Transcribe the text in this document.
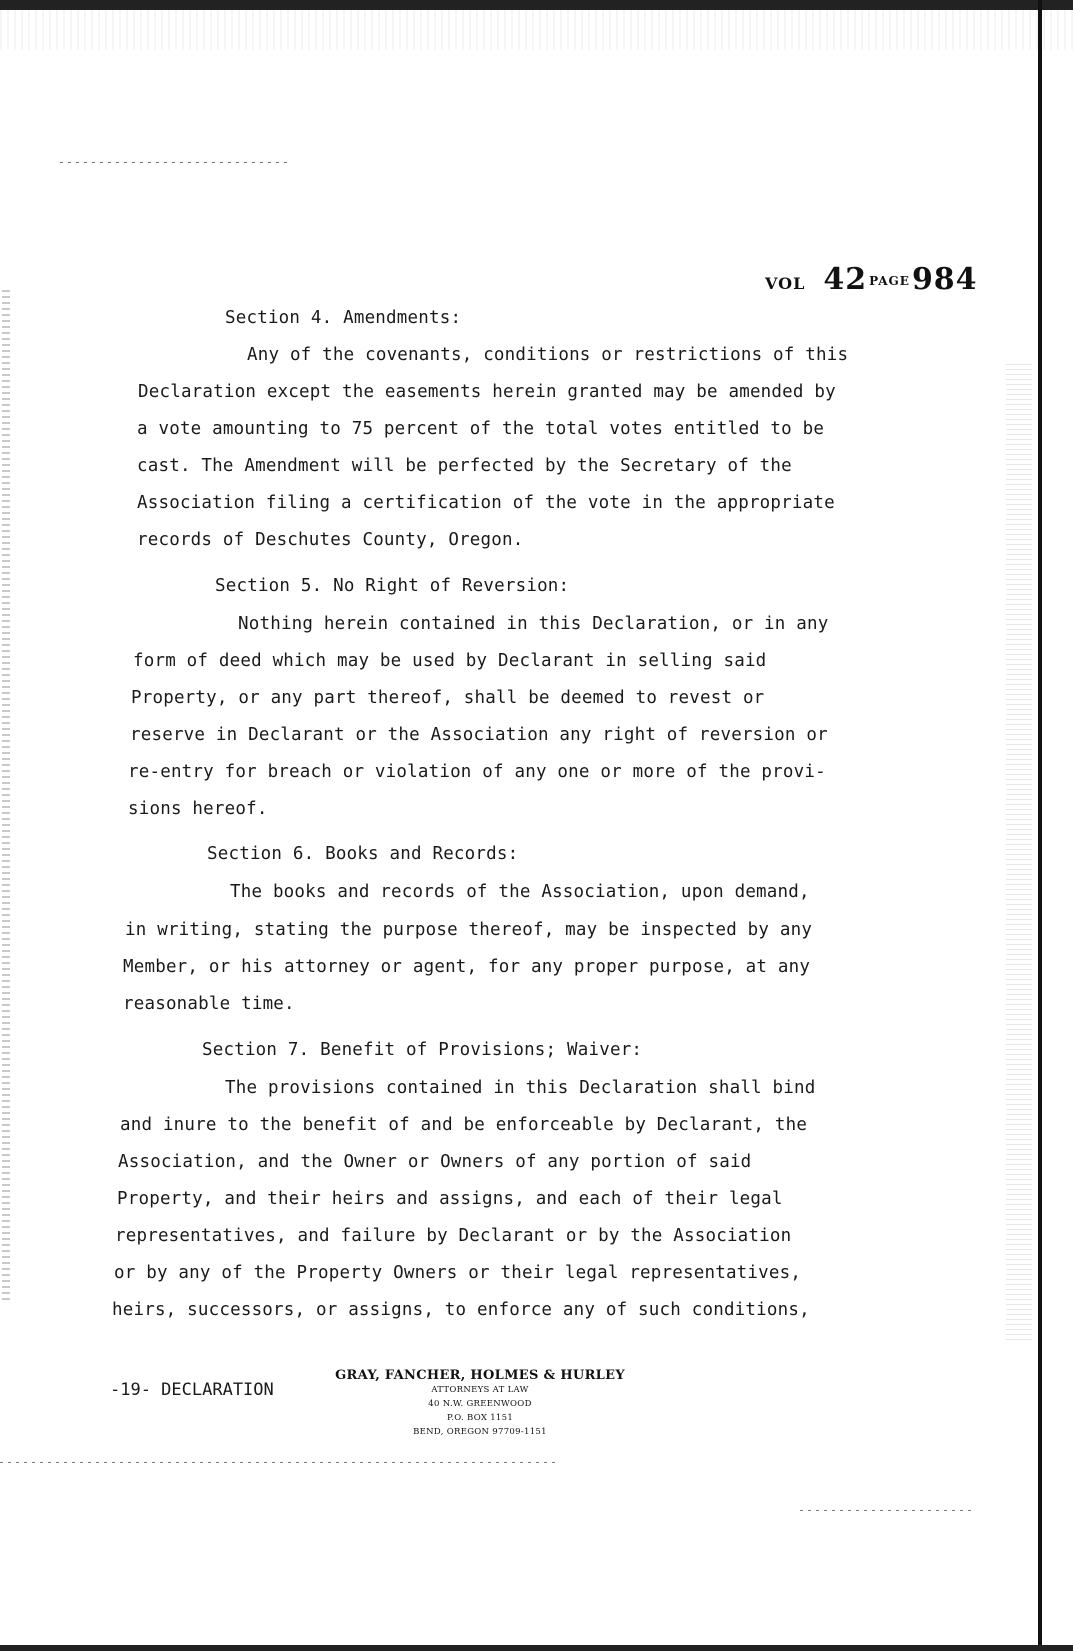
VOL 42 PAGE984
Section 4. Amendments:
Any of the covenants, conditions or restrictions of this
Declaration except the easements herein granted may be amended by
a vote amounting to 75 percent of the total votes entitled to be
cast. The Amendment will be perfected by the Secretary of the
Association filing a certification of the vote in the appropriate
records of Deschutes County, Oregon.
Section 5. No Right of Reversion:
Nothing herein contained in this Declaration, or in any
form of deed which may be used by Declarant in selling said
Property, or any part thereof, shall be deemed to revest or
reserve in Declarant or the Association any right of reversion or
re-entry for breach or violation of any one or more of the provi-
sions hereof.
Section 6. Books and Records:
The books and records of the Association, upon demand,
in writing, stating the purpose thereof, may be inspected by any
Member, or his attorney or agent, for any proper purpose, at any
reasonable time.
Section 7. Benefit of Provisions; Waiver:
The provisions contained in this Declaration shall bind
and inure to the benefit of and be enforceable by Declarant, the
Association, and the Owner or Owners of any portion of said
Property, and their heirs and assigns, and each of their legal
representatives, and failure by Declarant or by the Association
or by any of the Property Owners or their legal representatives,
heirs, successors, or assigns, to enforce any of such conditions,
-19- DECLARATION
GRAY, FANCHER, HOLMES & HURLEY
ATTORNEYS AT LAW
40 N.W. GREENWOOD
P.O. BOX 1151
BEND, OREGON 97709-1151
